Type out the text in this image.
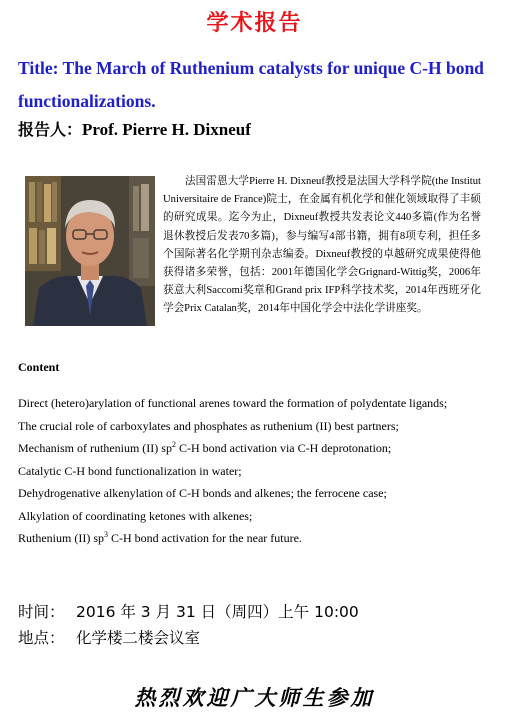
学术报告
Title: The March of Ruthenium catalysts for unique C-H bond functionalizations.
报告人：Prof. Pierre H. Dixneuf
法国雷恩大学Pierre H. Dixneuf教授是法国大学科学院(the Institut Universitaire de France)院士，在金属有机化学和催化领域取得了丰硕的研究成果。迄今为止，Dixneuf教授共发表论文440多篇(作为名誉退休教授后发表70多篇)，参与编写4部书籍，拥有8项专利，担任多个国际著名化学期刊杂志编委。Dixneuf教授的卓越研究成果使得他获得诸多荣誉，包括：2001年德国化学会Grignard-Wittig奖，2006年获意大利Saccomi奖章和Grand prix IFP科学技术奖，2014年西班牙化学会Prix Catalan奖，2014年中国化学会中法化学讲座奖。
Content
Direct (hetero)arylation of functional arenes toward the formation of polydentate ligands;
The crucial role of carboxylates and phosphates as ruthenium (II) best partners;
Mechanism of ruthenium (II) $sp^2$ C-H bond activation via C-H deprotonation;
Catalytic C-H bond functionalization in water;
Dehydrogenative alkenylation of C-H bonds and alkenes; the ferrocene case;
Alkylation of coordinating ketones with alkenes;
Ruthenium (II) $sp^3$ C-H bond activation for the near future.
时间： 2016 年 3 月 31 日（周四）上午 10:00
地点： 化学楼二楼会议室
热烈欢迎广大师生参加
